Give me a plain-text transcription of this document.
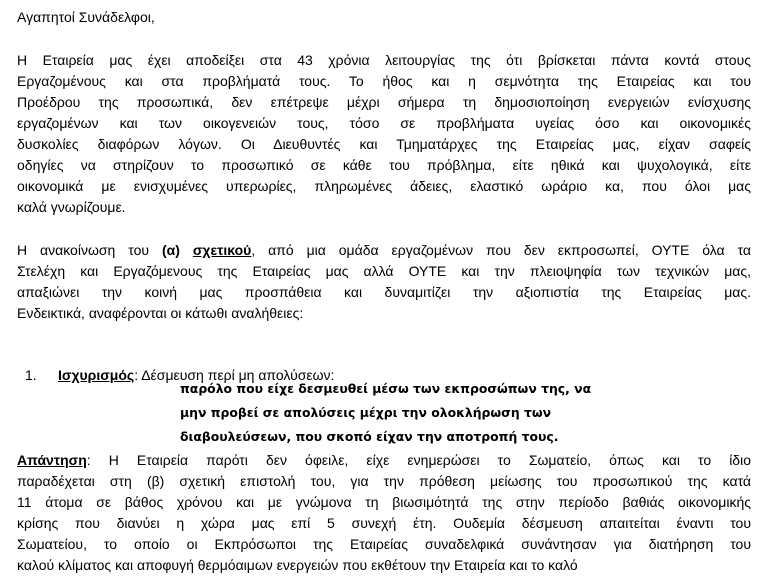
Αγαπητοί Συνάδελφοι,
Η Εταιρεία μας έχει αποδείξει στα 43 χρόνια λειτουργίας της ότι βρίσκεται πάντα κοντά στους
Εργαζομένους και στα προβλήματά τους. Το ήθος και η σεμνότητα της Εταιρείας και του
Προέδρου της προσωπικά, δεν επέτρεψε μέχρι σήμερα τη δημοσιοποίηση ενεργειών ενίσχυσης
εργαζομένων και των οικογενειών τους, τόσο σε προβλήματα υγείας όσο και οικονομικές
δυσκολίες διαφόρων λόγων. Οι Διευθυντές και Τμηματάρχες της Εταιρείας μας, είχαν σαφείς
οδηγίες να στηρίζουν το προσωπικό σε κάθε του πρόβλημα, είτε ηθικά και ψυχολογικά, είτε
οικονομικά με ενισχυμένες υπερωρίες, πληρωμένες άδειες, ελαστικό ωράριο κα, που όλοι μας
καλά γνωρίζουμε.
Η ανακοίνωση του (α) σχετικού, από μια ομάδα εργαζομένων που δεν εκπροσωπεί, ΟΥΤΕ όλα τα
Στελέχη και Εργαζόμενους της Εταιρείας μας αλλά ΟΥΤΕ και την πλειοψηφία των τεχνικών μας,
απαξιώνει την κοινή μας προσπάθεια και δυναμιτίζει την αξιοπιστία της Εταιρείας μας.
Ενδεικτικά, αναφέρονται οι κάτωθι αναλήθειες:
1. Ισχυρισμός: Δέσμευση περί μη απολύσεων:
παρόλο που είχε δεσμευθεί μέσω των εκπροσώπων της, να
μην προβεί σε απολύσεις μέχρι την ολοκλήρωση των
διαβουλεύσεων, που σκοπό είχαν την αποτροπή τους.
Απάντηση: Η Εταιρεία παρότι δεν όφειλε, είχε ενημερώσει το Σωματείο, όπως και το ίδιο
παραδέχεται στη (β) σχετική επιστολή του, για την πρόθεση μείωσης του προσωπικού της κατά
11 άτομα σε βάθος χρόνου και με γνώμονα τη βιωσιμότητά της στην περίοδο βαθιάς οικονομικής
κρίσης που διανύει η χώρα μας επί 5 συνεχή έτη. Ουδεμία δέσμευση απαιτείται έναντι του
Σωματείου, το οποίο οι Εκπρόσωποι της Εταιρείας συναδελφικά συνάντησαν για διατήρηση του
καλού κλίματος και αποφυγή θερμόαιμων ενεργειών που εκθέτουν την Εταιρεία και το καλό
